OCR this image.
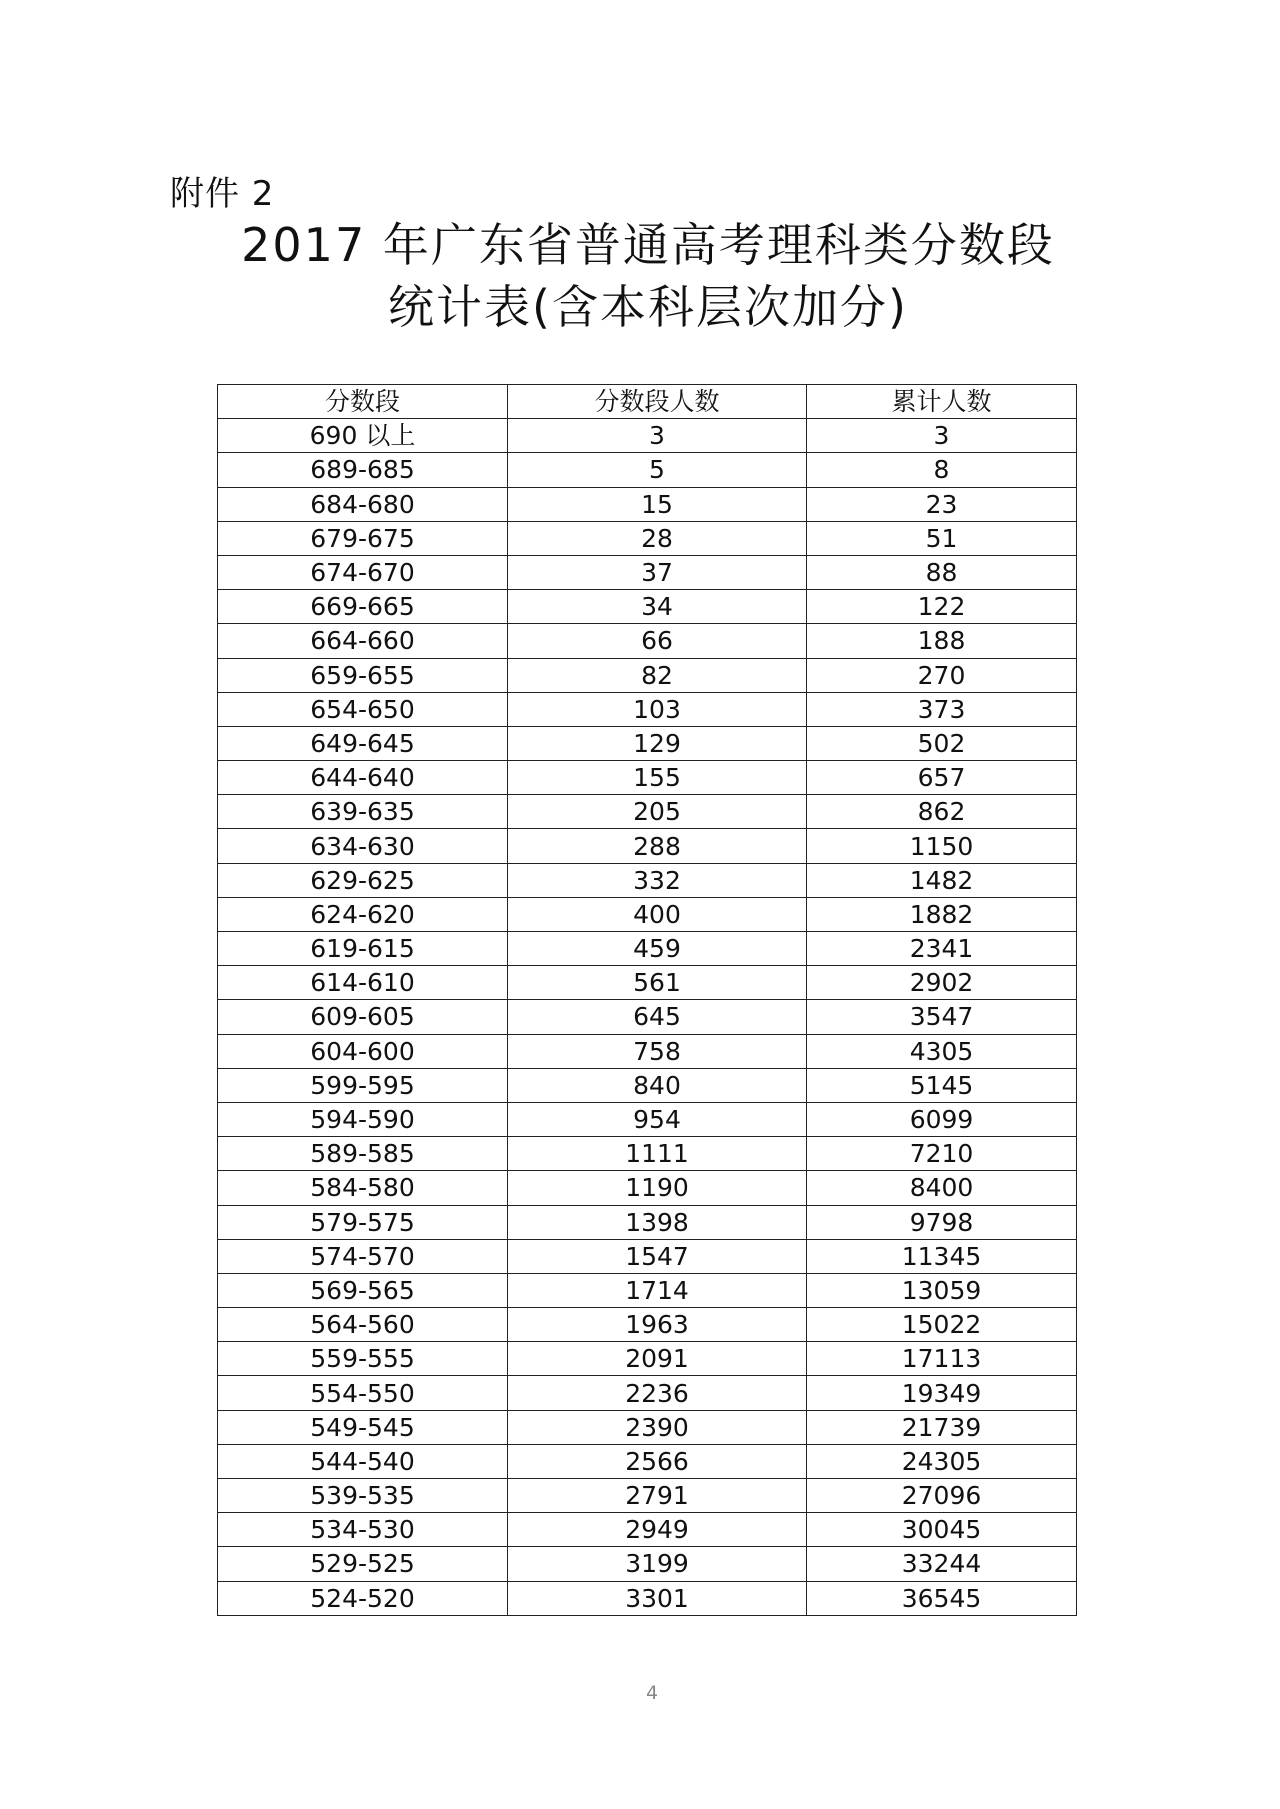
附件 2
2017 年广东省普通高考理科类分数段
统计表(含本科层次加分)
分数段	分数段人数	累计人数
690 以上	3	3
689-685	5	8
684-680	15	23
679-675	28	51
674-670	37	88
669-665	34	122
664-660	66	188
659-655	82	270
654-650	103	373
649-645	129	502
644-640	155	657
639-635	205	862
634-630	288	1150
629-625	332	1482
624-620	400	1882
619-615	459	2341
614-610	561	2902
609-605	645	3547
604-600	758	4305
599-595	840	5145
594-590	954	6099
589-585	1111	7210
584-580	1190	8400
579-575	1398	9798
574-570	1547	11345
569-565	1714	13059
564-560	1963	15022
559-555	2091	17113
554-550	2236	19349
549-545	2390	21739
544-540	2566	24305
539-535	2791	27096
534-530	2949	30045
529-525	3199	33244
524-520	3301	36545
4
